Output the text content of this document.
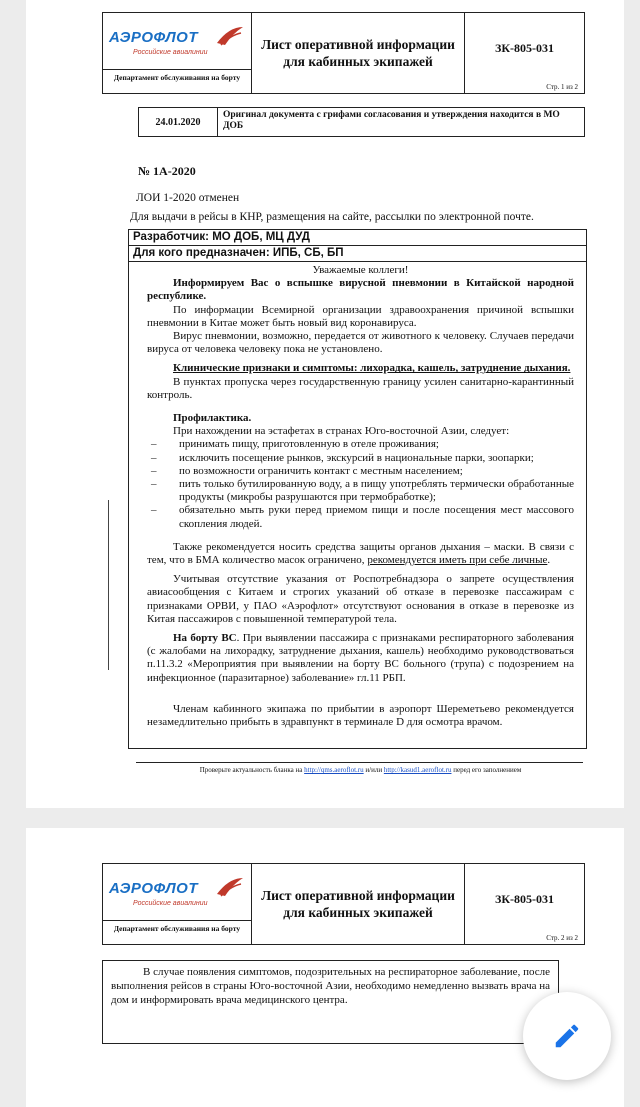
АЭРОФЛОТ
Российские авиалинии
Департамент обслуживания на борту
Лист оперативной информации для кабинных экипажей
ЗК-805-031
Стр. 1 из 2
24.01.2020
Оригинал документа с грифами согласования и утверждения находится в МО ДОБ
№ 1А-2020
ЛОИ 1-2020 отменен
Для выдачи в рейсы в КНР, размещения на сайте, рассылки по электронной почте.
Разработчик: МО ДОБ, МЦ ДУД
Для кого предназначен: ИПБ, СБ, БП

Уважаемые коллеги!

Информируем Вас о вспышке вирусной пневмонии в Китайской народной республике.

По информации Всемирной организации здравоохранения причиной вспышки пневмонии в Китае может быть новый вид коронавируса.

Вирус пневмонии, возможно, передается от животного к человеку. Случаев передачи вируса от человека человеку пока не установлено.

Клинические признаки и симптомы: лихорадка, кашель, затруднение дыхания.

В пунктах пропуска через государственную границу усилен санитарно-карантинный контроль.

Профилактика.

При нахождении на эстафетах в странах Юго-восточной Азии, следует:

– принимать пищу, приготовленную в отеле проживания;
– исключить посещение рынков, экскурсий в национальные парки, зоопарки;
– по возможности ограничить контакт с местным населением;
– пить только бутилированную воду, а в пищу употреблять термически обработанные продукты (микробы разрушаются при термобработке);
– обязательно мыть руки перед приемом пищи и после посещения мест массового скопления людей.

Также рекомендуется носить средства защиты органов дыхания – маски. В связи с тем, что в БМА количество масок ограничено, рекомендуется иметь при себе личные.

Учитывая отсутствие указания от Роспотребнадзора о запрете осуществления авиасообщения с Китаем и строгих указаний об отказе в перевозке пассажирам с признаками ОРВИ, у ПАО «Аэрофлот» отсутствуют основания в отказе в перевозке из Китая пассажиров с повышенной температурой тела.

На борту ВС. При выявлении пассажира с признаками респираторного заболевания (с жалобами на лихорадку, затруднение дыхания, кашель) необходимо руководствоваться п.11.3.2 «Мероприятия при выявлении на борту ВС больного (трупа) с подозрением на инфекционное (паразитарное) заболевание» гл.11 РБП.

Членам кабинного экипажа по прибытии в аэропорт Шереметьево рекомендуется незамедлительно прибыть в здравпункт в терминале D для осмотра врачом.

Проверьте актуальность бланка на http://qms.aeroflot.ru и/или http://kasud1.aeroflot.ru перед его заполнением
АЭРОФЛОТ
Российские авиалинии
Департамент обслуживания на борту
Лист оперативной информации для кабинных экипажей
ЗК-805-031
Стр. 2 из 2

В случае появления симптомов, подозрительных на респираторное заболевание, после выполнения рейсов в страны Юго-восточной Азии, необходимо немедленно вызвать врача на дом и информировать врача медицинского центра.
